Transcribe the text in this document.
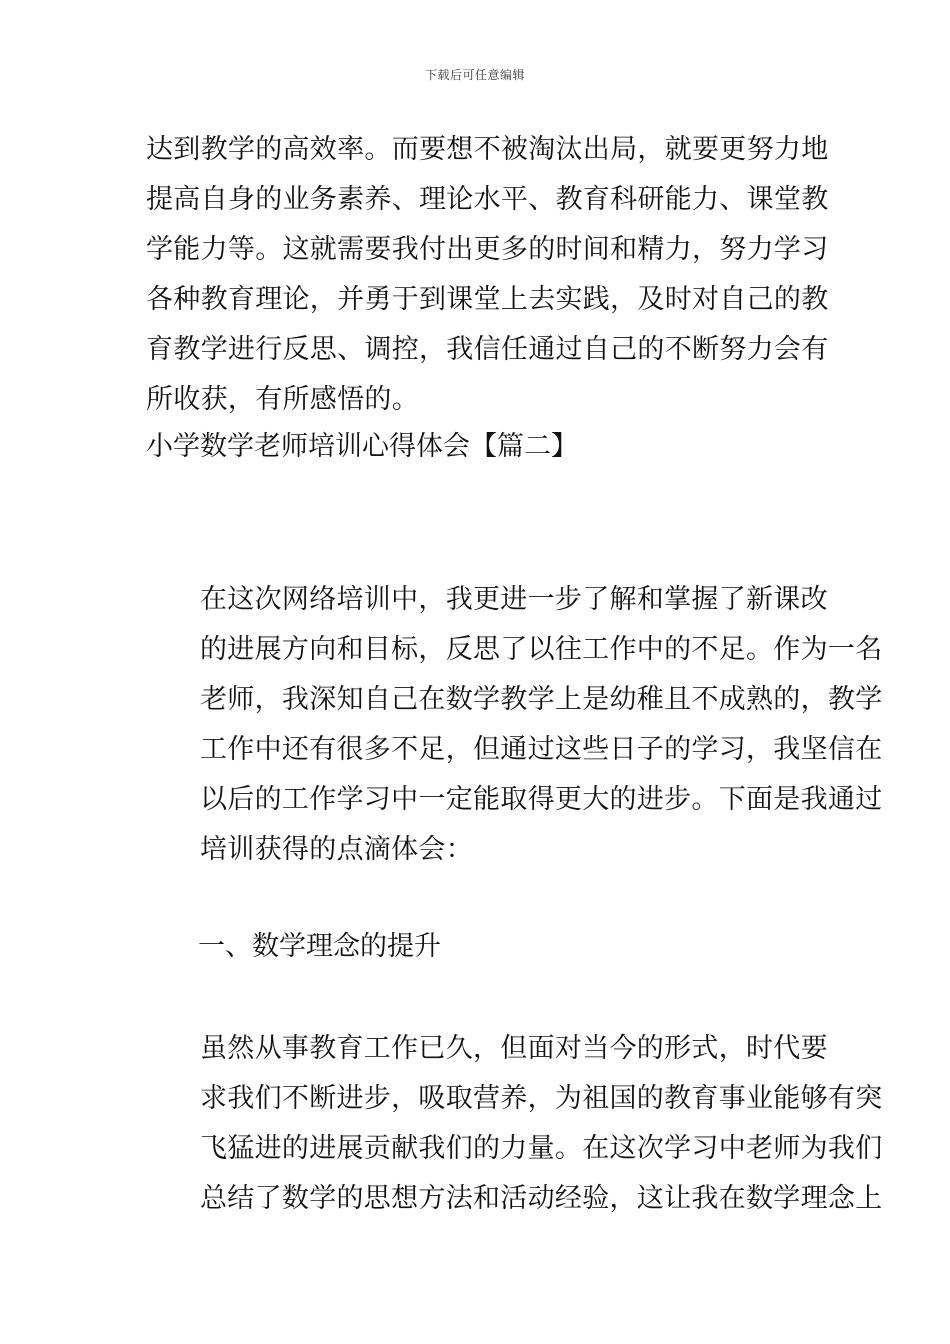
下载后可任意编辑
达到教学的高效率。而要想不被淘汰出局，就要更努力地
提高自身的业务素养、理论水平、教育科研能力、课堂教
学能力等。这就需要我付出更多的时间和精力，努力学习
各种教育理论，并勇于到课堂上去实践，及时对自己的教
育教学进行反思、调控，我信任通过自己的不断努力会有
所收获，有所感悟的。
小学数学老师培训心得体会【篇二】
在这次网络培训中，我更进一步了解和掌握了新课改
的进展方向和目标，反思了以往工作中的不足。作为一名
老师，我深知自己在数学教学上是幼稚且不成熟的，教学
工作中还有很多不足，但通过这些日子的学习，我坚信在
以后的工作学习中一定能取得更大的进步。下面是我通过
培训获得的点滴体会：
一、数学理念的提升
虽然从事教育工作已久，但面对当今的形式，时代要
求我们不断进步，吸取营养，为祖国的教育事业能够有突
飞猛进的进展贡献我们的力量。在这次学习中老师为我们
总结了数学的思想方法和活动经验，这让我在数学理念上
